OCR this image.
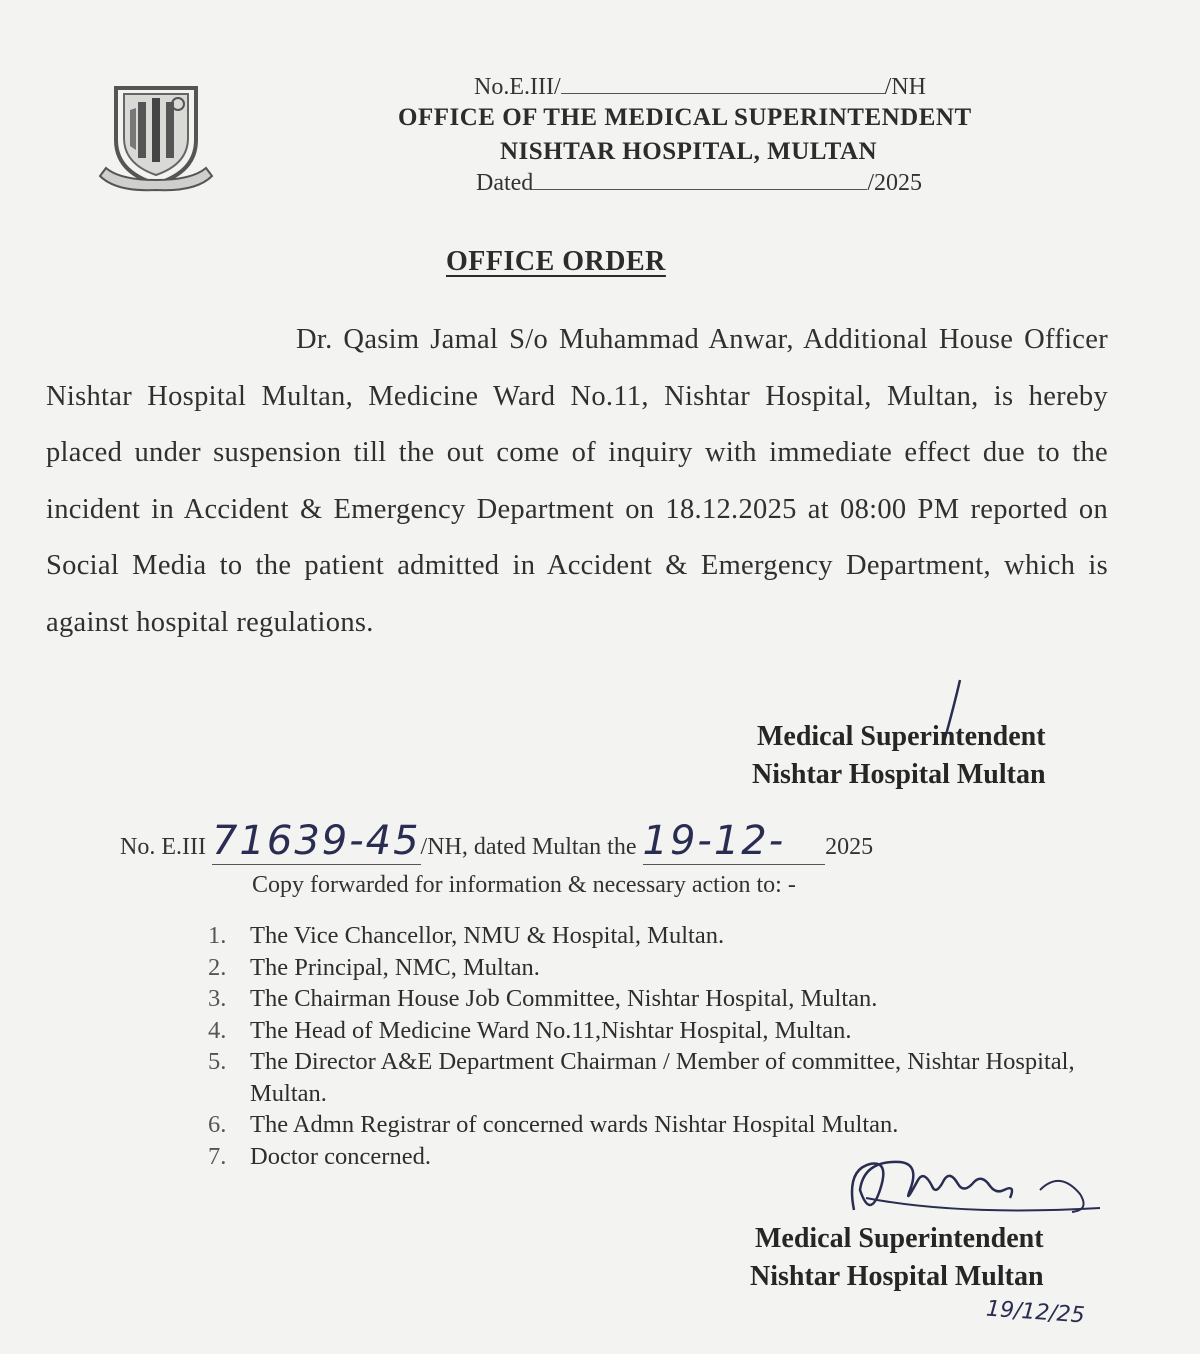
No.E.III/	/NH
OFFICE OF THE MEDICAL SUPERINTENDENT
NISHTAR HOSPITAL, MULTAN
Dated	/2025
OFFICE ORDER
Dr. Qasim Jamal S/o Muhammad Anwar, Additional House Officer Nishtar Hospital Multan, Medicine Ward No.11, Nishtar Hospital, Multan, is hereby placed under suspension till the out come of inquiry with immediate effect due to the incident in Accident & Emergency Department on 18.12.2025 at 08:00 PM reported on Social Media to the patient admitted in Accident & Emergency Department, which is against hospital regulations.
Medical Superintendent
Nishtar Hospital Multan
No. E.III 71639-45/NH, dated Multan the 19-12- 2025
Copy forwarded for information & necessary action to: -
1. The Vice Chancellor, NMU & Hospital, Multan.
2. The Principal, NMC, Multan.
3. The Chairman House Job Committee, Nishtar Hospital, Multan.
4. The Head of Medicine Ward No.11,Nishtar Hospital, Multan.
5. The Director A&E Department Chairman / Member of committee, Nishtar Hospital, Multan.
6. The Admn Registrar of concerned wards Nishtar Hospital Multan.
7. Doctor concerned.
Medical Superintendent
Nishtar Hospital Multan
19/12/25
